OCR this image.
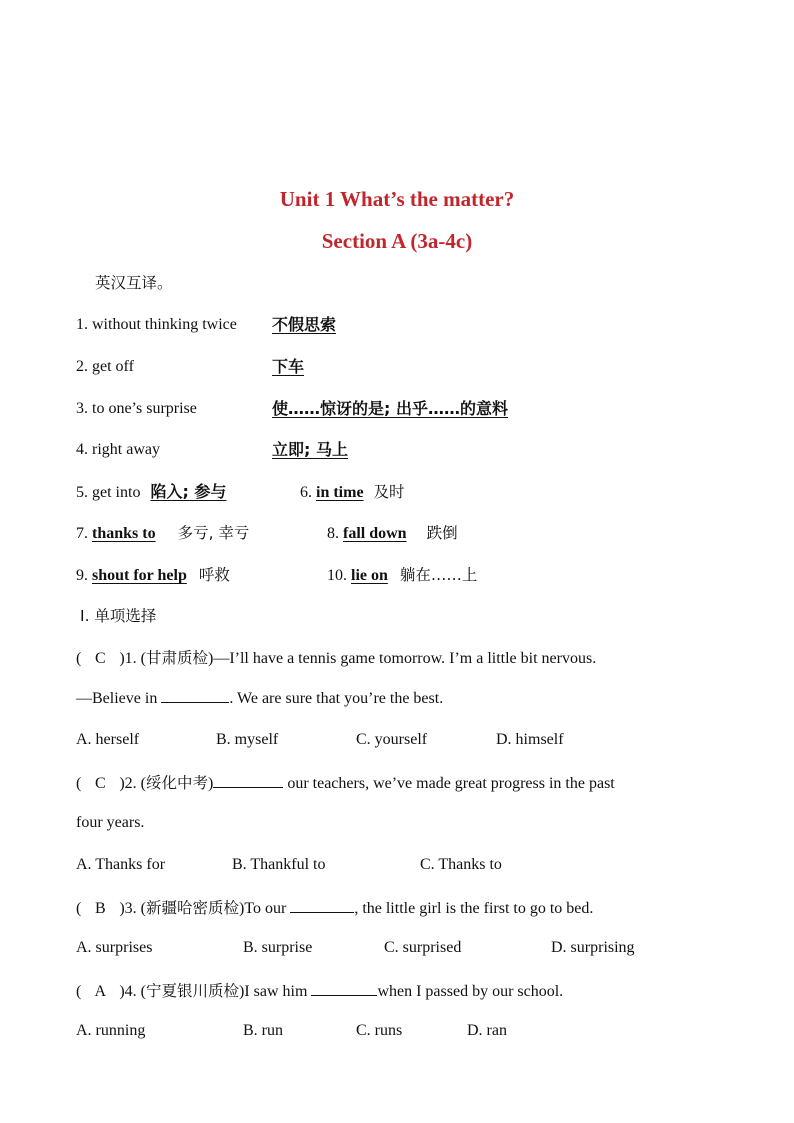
Unit 1 What’s the matter?
Section A (3a-4c)
英汉互译。
1. without thinking twice 不假思索
2. get off	下车
3. to one’s surprise	使……惊讶的是; 出乎……的意料
4. right away	立即; 马上
5. get into 陷入; 参与	6. in time 及时
7. thanks to 多亏, 幸亏	8. fall down 跌倒
9. shout for help 呼救	10. lie on 躺在……上
Ⅰ. 单项选择
( C )1. (甘肃质检)—I’ll have a tennis game tomorrow. I’m a little bit nervous.
—Believe in	. We are sure that you’re the best.
A. herself	B. myself	C. yourself	D. himself
( C )2. (绥化中考)	our teachers, we’ve made great progress in the past
four years.
A. Thanks for	B. Thankful to	C. Thanks to
( B )3. (新疆哈密质检)To our	, the little girl is the first to go to bed.
A. surprises	B. surprise	C. surprised	D. surprising
( A )4. (宁夏银川质检)I saw him	when I passed by our school.
A. running	B. run	C. runs	D. ran
